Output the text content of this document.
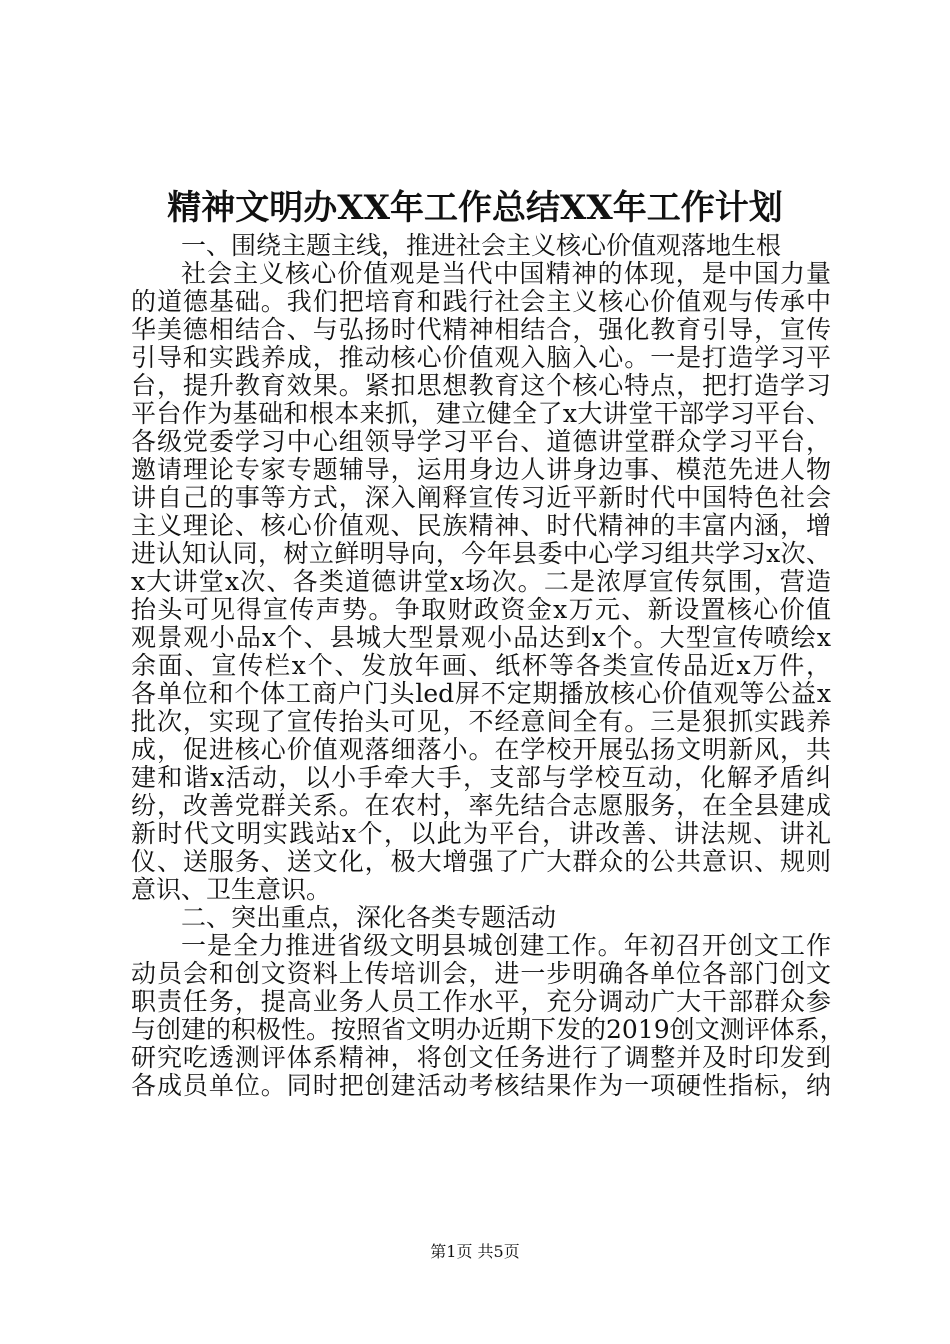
精神文明办XX年工作总结XX年工作计划
一、围绕主题主线，推进社会主义核心价值观落地生根
社会主义核心价值观是当代中国精神的体现，是中国力量
的道德基础。我们把培育和践行社会主义核心价值观与传承中
华美德相结合、与弘扬时代精神相结合，强化教育引导，宣传
引导和实践养成，推动核心价值观入脑入心。一是打造学习平
台，提升教育效果。紧扣思想教育这个核心特点，把打造学习
平台作为基础和根本来抓，建立健全了x大讲堂干部学习平台、
各级党委学习中心组领导学习平台、道德讲堂群众学习平台，
邀请理论专家专题辅导，运用身边人讲身边事、模范先进人物
讲自己的事等方式，深入阐释宣传习近平新时代中国特色社会
主义理论、核心价值观、民族精神、时代精神的丰富内涵，增
进认知认同，树立鲜明导向，今年县委中心学习组共学习x次、
x大讲堂x次、各类道德讲堂x场次。二是浓厚宣传氛围，营造
抬头可见得宣传声势。争取财政资金x万元、新设置核心价值
观景观小品x个、县城大型景观小品达到x个。大型宣传喷绘x
余面、宣传栏x个、发放年画、纸杯等各类宣传品近x万件，
各单位和个体工商户门头led屏不定期播放核心价值观等公益x
批次，实现了宣传抬头可见，不经意间全有。三是狠抓实践养
成，促进核心价值观落细落小。在学校开展弘扬文明新风，共
建和谐x活动，以小手牵大手，支部与学校互动，化解矛盾纠
纷，改善党群关系。在农村，率先结合志愿服务，在全县建成
新时代文明实践站x个，以此为平台，讲改善、讲法规、讲礼
仪、送服务、送文化，极大增强了广大群众的公共意识、规则
意识、卫生意识。
二、突出重点，深化各类专题活动
一是全力推进省级文明县城创建工作。年初召开创文工作
动员会和创文资料上传培训会，进一步明确各单位各部门创文
职责任务，提高业务人员工作水平，充分调动广大干部群众参
与创建的积极性。按照省文明办近期下发的2019创文测评体系，
研究吃透测评体系精神，将创文任务进行了调整并及时印发到
各成员单位。同时把创建活动考核结果作为一项硬性指标，纳
第1页 共5页
